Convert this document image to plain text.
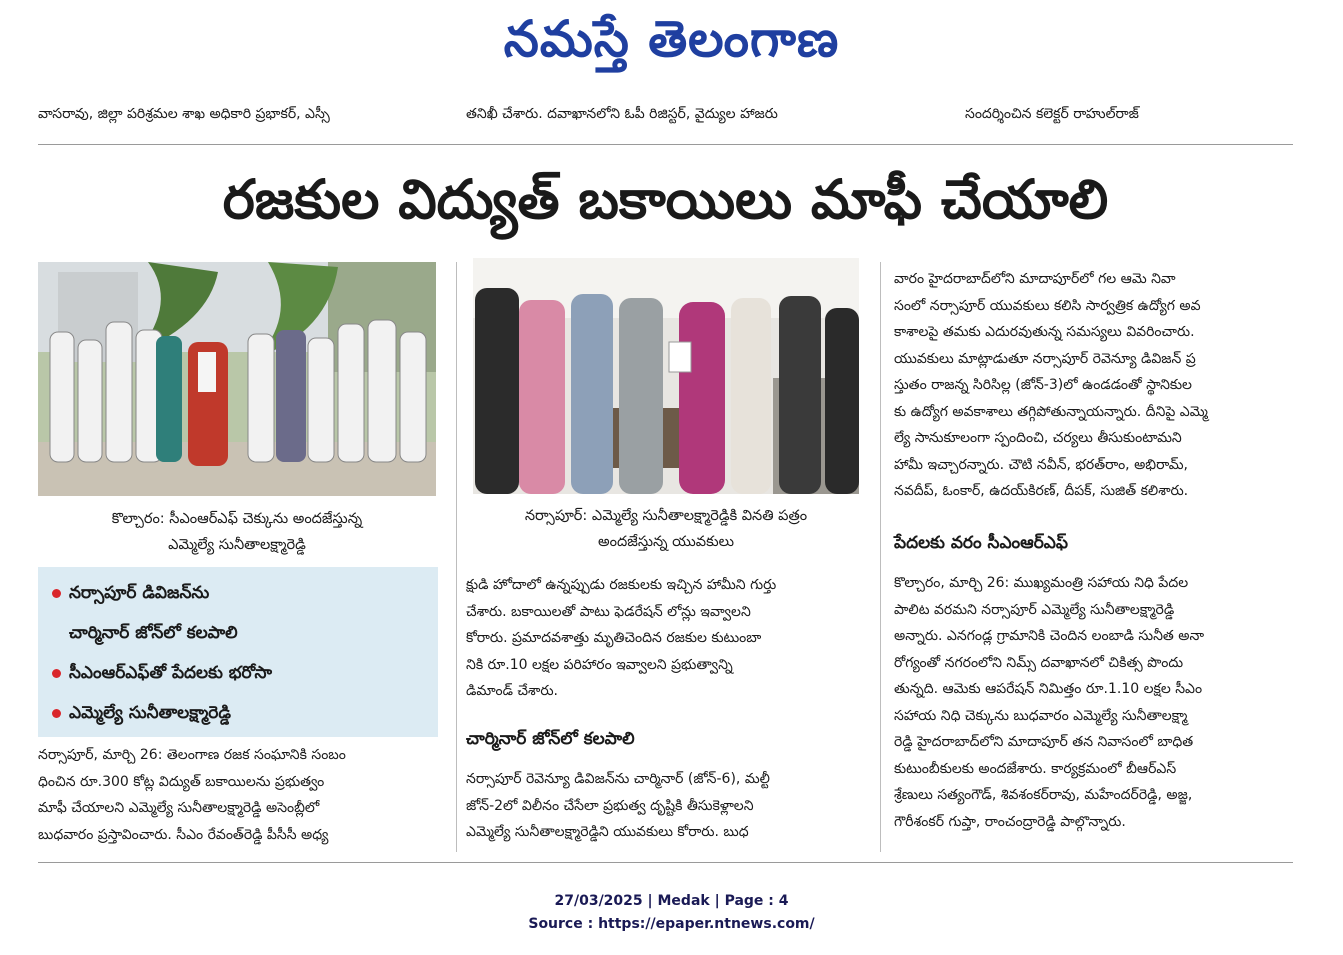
నమస్తే తెలంగాణ
వాసరావు, జిల్లా పరిశ్రమల శాఖ అధికారి ప్రభాకర్, ఎస్సీ	తనిఖీ చేశారు. దవాఖానలోని ఓపీ రిజిస్టర్, వైద్యుల హాజరు	సందర్శించిన కలెక్టర్ రాహుల్‌రాజ్
రజకుల విద్యుత్ బకాయిలు మాఫీ చేయాలి
కొల్చారం: సీఎంఆర్‌ఎఫ్ చెక్కును అందజేస్తున్న
ఎమ్మెల్యే సునీతాలక్ష్మారెడ్డి
నర్సాపూర్: ఎమ్మెల్యే సునీతాలక్ష్మారెడ్డికి వినతి పత్రం
అందజేస్తున్న యువకులు
నర్సాపూర్ డివిజన్‌ను
చార్మినార్ జోన్‌లో కలపాలి
సీఎంఆర్‌ఎఫ్‌తో పేదలకు భరోసా
ఎమ్మెల్యే సునీతాలక్ష్మారెడ్డి

నర్సాపూర్, మార్చి 26: తెలంగాణ రజక సంఘానికి సంబం

ధించిన రూ.300 కోట్ల విద్యుత్ బకాయిలను ప్రభుత్వం

మాఫీ చేయాలని ఎమ్మెల్యే సునీతాలక్ష్మారెడ్డి అసెంబ్లీలో

బుధవారం ప్రస్తావించారు. సీఎం రేవంత్‌రెడ్డి పీసీసీ అధ్య

క్షుడి హోదాలో ఉన్నప్పుడు రజకులకు ఇచ్చిన హామీని గుర్తు

చేశారు. బకాయిలతో పాటు ఫెడరేషన్ లోన్లు ఇవ్వాలని

కోరారు. ప్రమాదవశాత్తు మృతిచెందిన రజకుల కుటుంబా

నికి రూ.10 లక్షల పరిహారం ఇవ్వాలని ప్రభుత్వాన్ని

డిమాండ్ చేశారు.

చార్మినార్ జోన్‌లో కలపాలి

నర్సాపూర్ రెవెన్యూ డివిజన్‌ను చార్మినార్ (జోన్-6), మల్టీ

జోన్-2లో విలీనం చేసేలా ప్రభుత్వ దృష్టికి తీసుకెళ్లాలని

ఎమ్మెల్యే సునీతాలక్ష్మారెడ్డిని యువకులు కోరారు. బుధ

వారం హైదరాబాద్‌లోని మాదాపూర్‌లో గల ఆమె నివా

సంలో నర్సాపూర్ యువకులు కలిసి సార్వత్రిక ఉద్యోగ అవ

కాశాలపై తమకు ఎదురవుతున్న సమస్యలు వివరించారు.

యువకులు మాట్లాడుతూ నర్సాపూర్ రెవెన్యూ డివిజన్ ప్ర

స్తుతం రాజన్న సిరిసిల్ల (జోన్-3)లో ఉండడంతో స్థానికుల

కు ఉద్యోగ అవకాశాలు తగ్గిపోతున్నాయన్నారు. దీనిపై ఎమ్మె

ల్యే సానుకూలంగా స్పందించి, చర్యలు తీసుకుంటామని

హామీ ఇచ్చారన్నారు. చౌటి నవీన్, భరత్‌రాం, అభిరామ్,

నవదీప్, ఓంకార్, ఉదయ్‌కిరణ్, దీపక్, సుజిత్ కలిశారు.

పేదలకు వరం సీఎంఆర్‌ఎఫ్

కొల్చారం, మార్చి 26: ముఖ్యమంత్రి సహాయ నిధి పేదల

పాలిట వరమని నర్సాపూర్ ఎమ్మెల్యే సునీతాలక్ష్మారెడ్డి

అన్నారు. ఎనగండ్ల గ్రామానికి చెందిన లంబాడి సునీత అనా

రోగ్యంతో నగరంలోని నిమ్స్ దవాఖానలో చికిత్స పొందు

తున్నది. ఆమెకు ఆపరేషన్ నిమిత్తం రూ.1.10 లక్షల సీఎం

సహాయ నిధి చెక్కును బుధవారం ఎమ్మెల్యే సునీతాలక్ష్మా

రెడ్డి హైదరాబాద్‌లోని మాదాపూర్ తన నివాసంలో బాధిత

కుటుంబీకులకు అందజేశారు. కార్యక్రమంలో బీఆర్‌ఎస్

శ్రేణులు సత్యంగౌడ్, శివశంకర్‌రావు, మహేందర్‌రెడ్డి, అజ్జ,

గౌరీశంకర్ గుప్తా, రాంచంద్రారెడ్డి పాల్గొన్నారు.

27/03/2025 | Medak | Page : 4
Source : https://epaper.ntnews.com/
